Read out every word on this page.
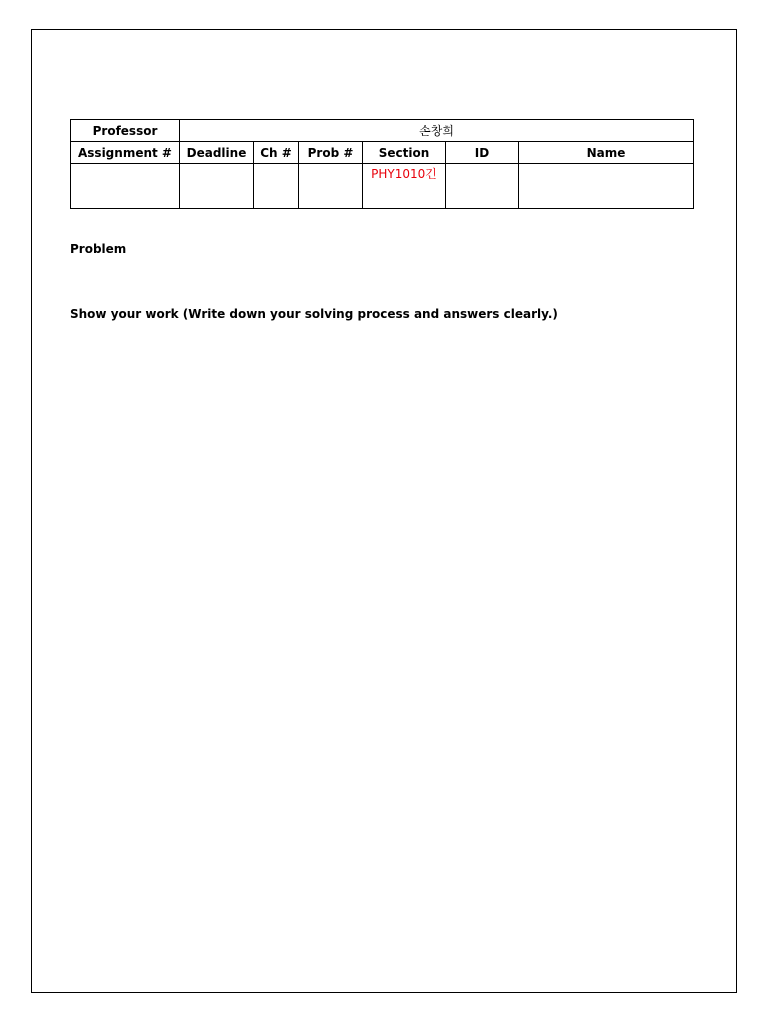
Professor	손창희					
Assignment #	Deadline	Ch #	Prob #	Section	ID	Name
				PHY1010긴		

Problem

Show your work (Write down your solving process and answers clearly.)
